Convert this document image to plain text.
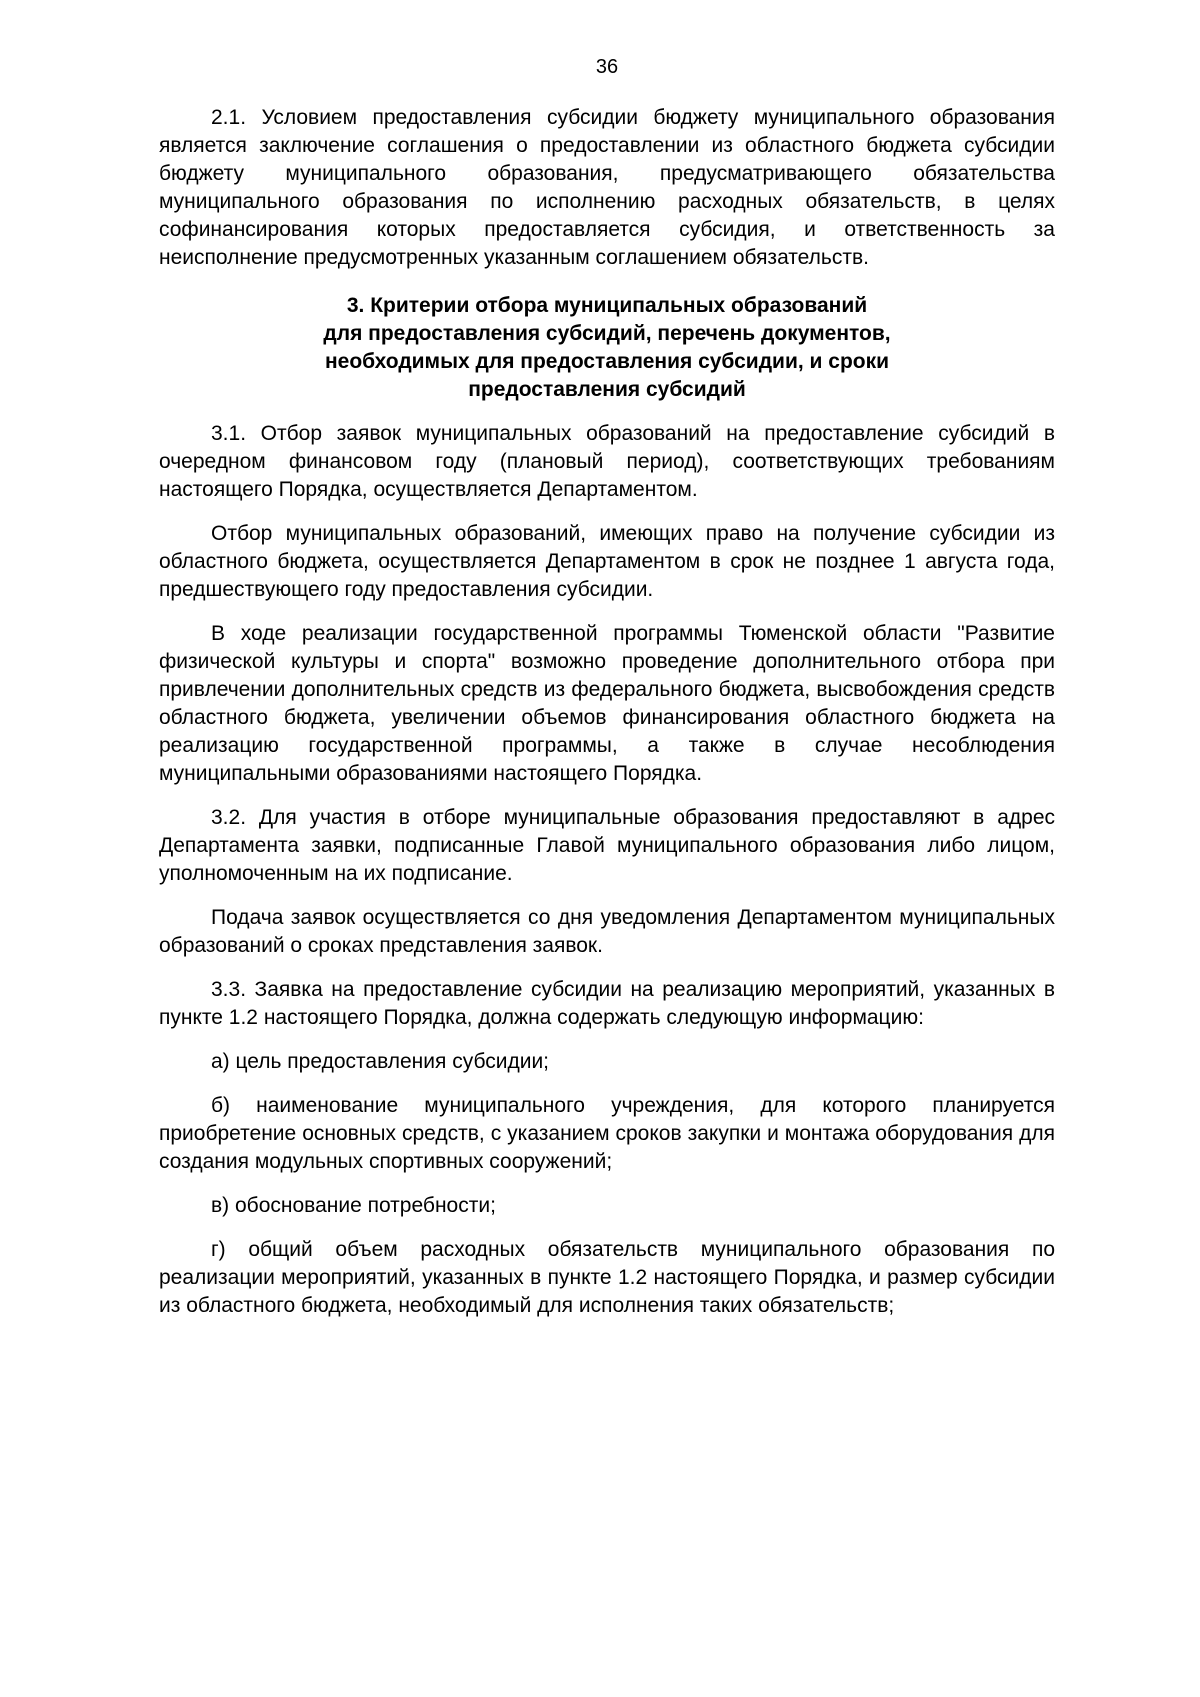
36

2.1. Условием предоставления субсидии бюджету муниципального образования является заключение соглашения о предоставлении из областного бюджета субсидии бюджету муниципального образования, предусматривающего обязательства муниципального образования по исполнению расходных обязательств, в целях софинансирования которых предоставляется субсидия, и ответственность за неисполнение предусмотренных указанным соглашением обязательств.

3. Критерии отбора муниципальных образований
для предоставления субсидий, перечень документов,
необходимых для предоставления субсидии, и сроки
предоставления субсидий

3.1. Отбор заявок муниципальных образований на предоставление субсидий в очередном финансовом году (плановый период), соответствующих требованиям настоящего Порядка, осуществляется Департаментом.

Отбор муниципальных образований, имеющих право на получение субсидии из областного бюджета, осуществляется Департаментом в срок не позднее 1 августа года, предшествующего году предоставления субсидии.

В ходе реализации государственной программы Тюменской области "Развитие физической культуры и спорта" возможно проведение дополнительного отбора при привлечении дополнительных средств из федерального бюджета, высвобождения средств областного бюджета, увеличении объемов финансирования областного бюджета на реализацию государственной программы, а также в случае несоблюдения муниципальными образованиями настоящего Порядка.

3.2. Для участия в отборе муниципальные образования предоставляют в адрес Департамента заявки, подписанные Главой муниципального образования либо лицом, уполномоченным на их подписание.

Подача заявок осуществляется со дня уведомления Департаментом муниципальных образований о сроках представления заявок.

3.3. Заявка на предоставление субсидии на реализацию мероприятий, указанных в пункте 1.2 настоящего Порядка, должна содержать следующую информацию:

а) цель предоставления субсидии;

б) наименование муниципального учреждения, для которого планируется приобретение основных средств, с указанием сроков закупки и монтажа оборудования для создания модульных спортивных сооружений;

в) обоснование потребности;

г) общий объем расходных обязательств муниципального образования по реализации мероприятий, указанных в пункте 1.2 настоящего Порядка, и размер субсидии из областного бюджета, необходимый для исполнения таких обязательств;
